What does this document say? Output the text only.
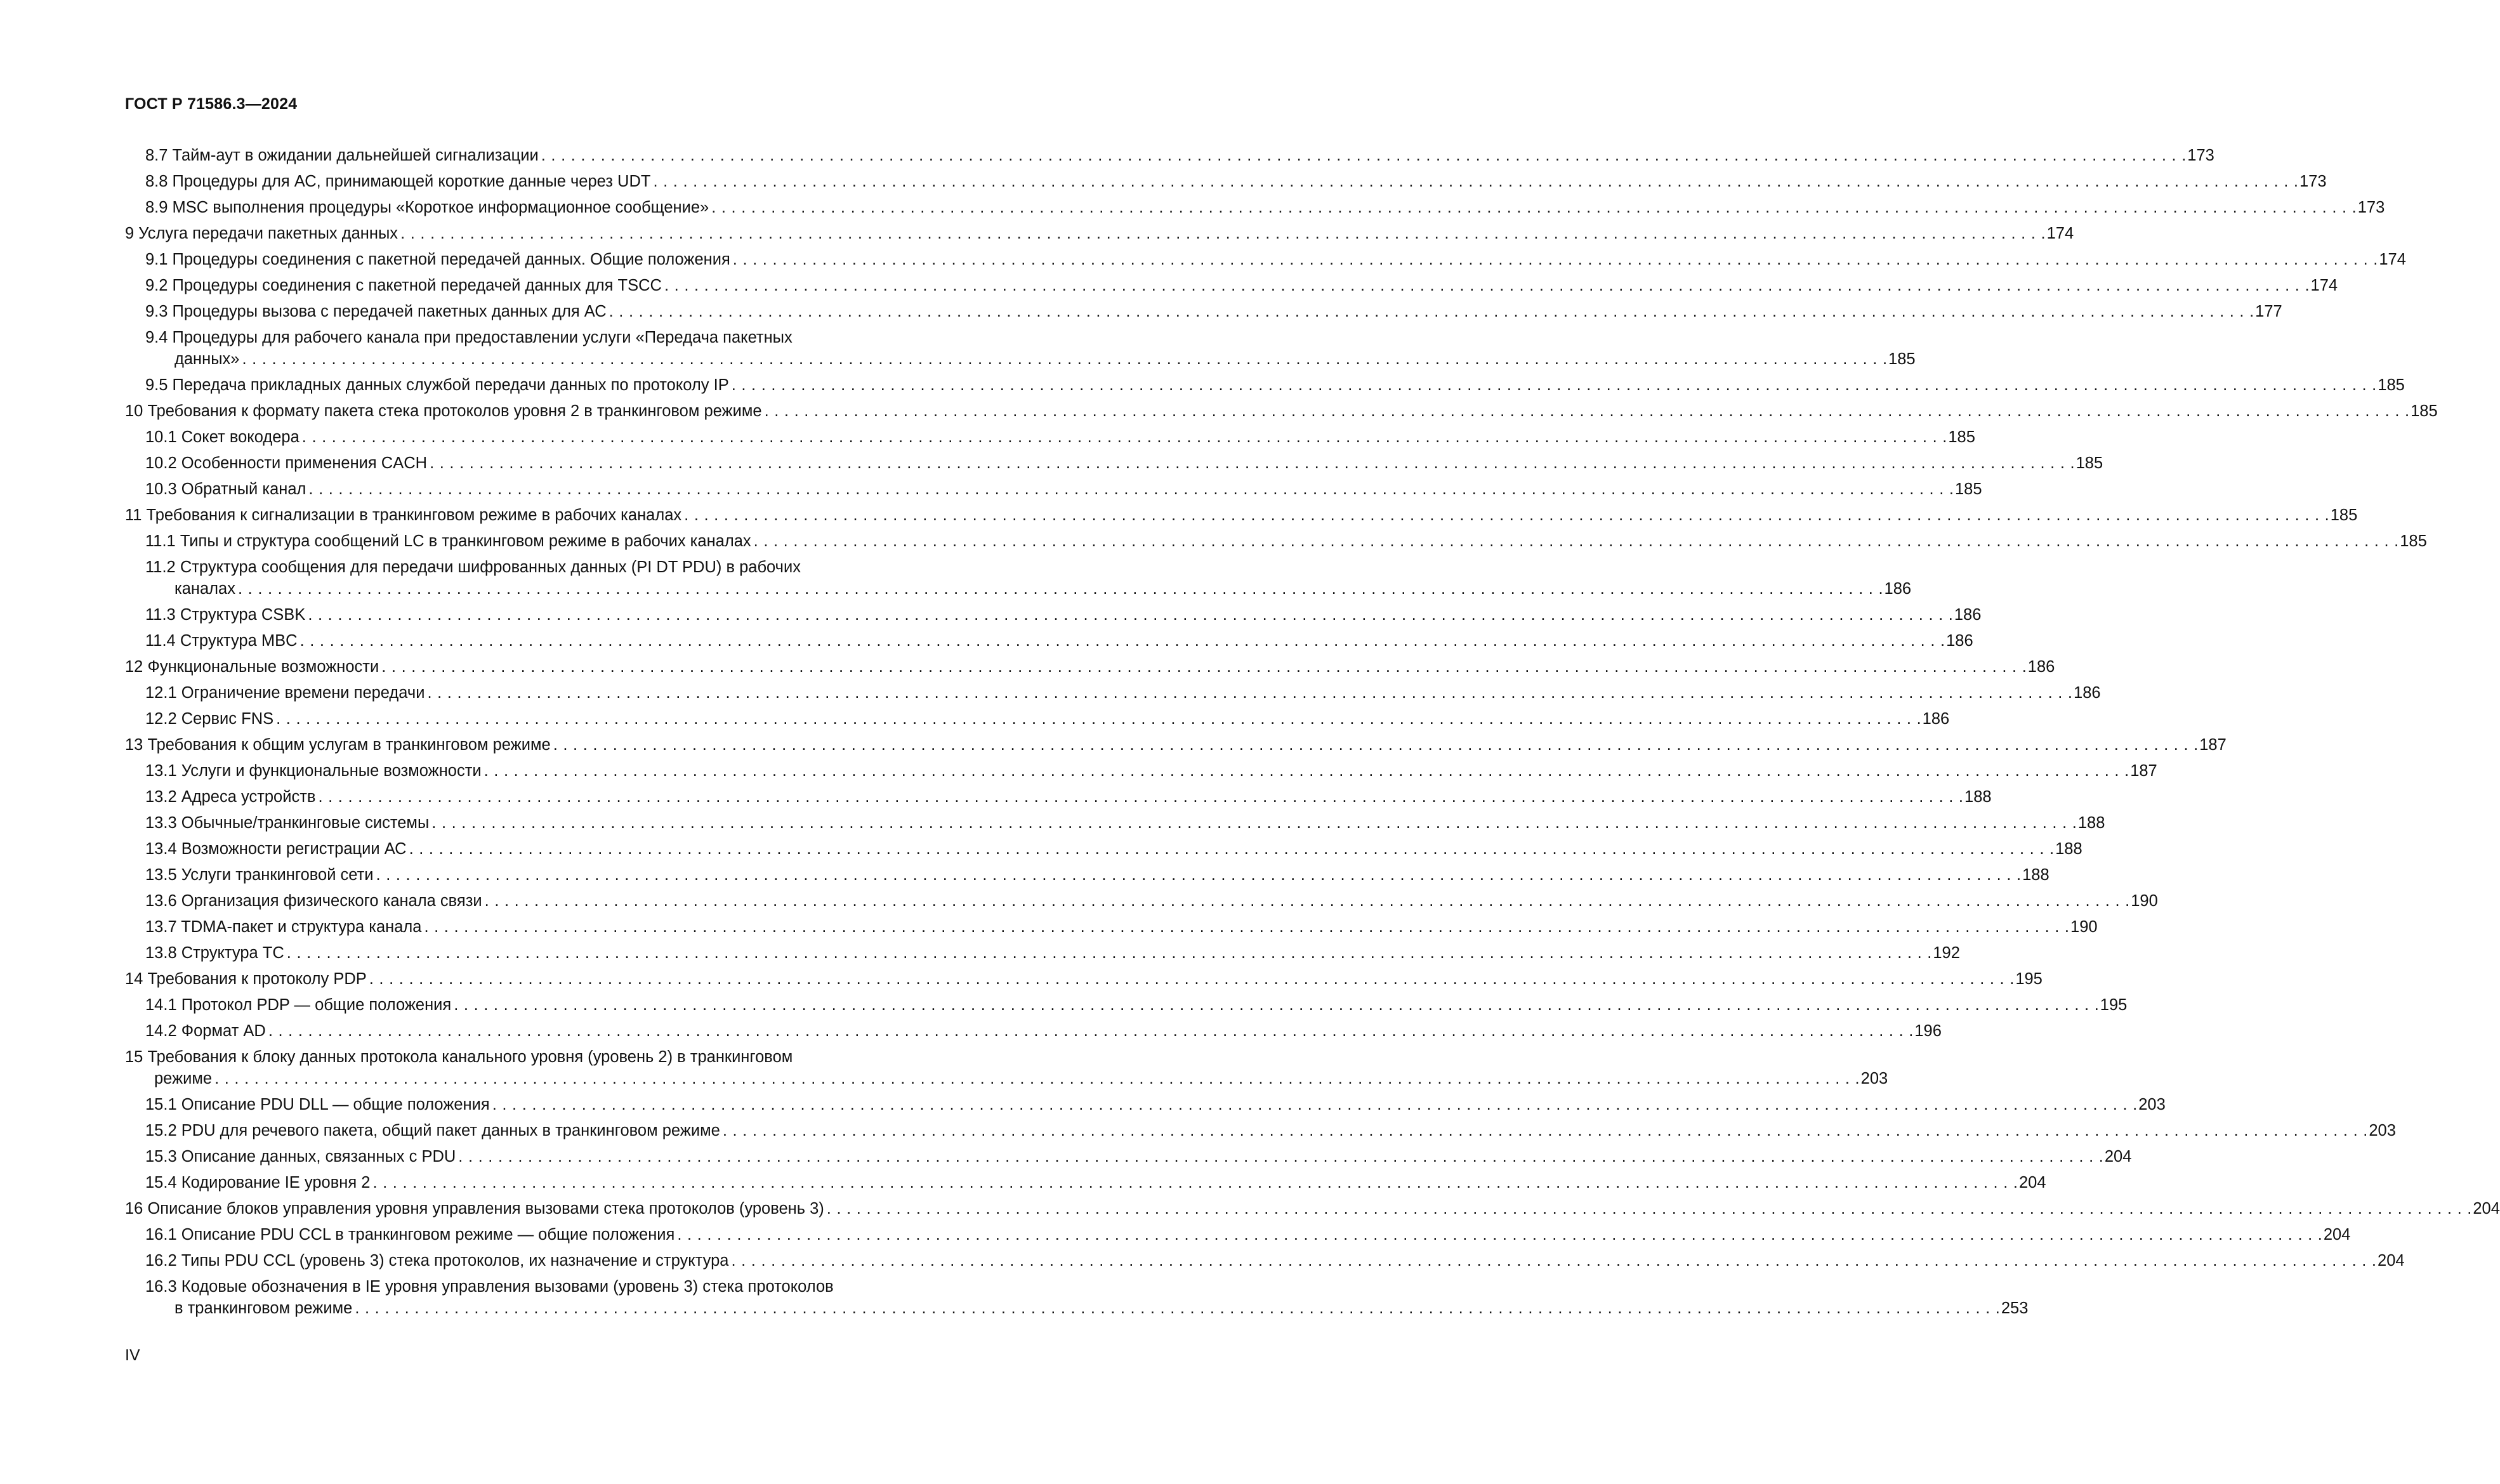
ГОСТ Р 71586.3—2024
8.7 Тайм-аут в ожидании дальнейшей сигнализации . . .	173
8.8 Процедуры для АС, принимающей короткие данные через UDT . . .	173
8.9 MSC выполнения процедуры «Короткое информационное сообщение» . . .	173
9 Услуга передачи пакетных данных . . .	174
9.1 Процедуры соединения с пакетной передачей данных. Общие положения . . .	174
9.2 Процедуры соединения с пакетной передачей данных для TSCC . . .	174
9.3 Процедуры вызова с передачей пакетных данных для АС . . .	177
9.4 Процедуры для рабочего канала при предоставлении услуги «Передача пакетных
данных» . . .	185
9.5 Передача прикладных данных службой передачи данных по протоколу IP . . .	185
10 Требования к формату пакета стека протоколов уровня 2 в транкинговом режиме . . .	185
10.1 Сокет вокодера . . .	185
10.2 Особенности применения CACH . . .	185
10.3 Обратный канал . . .	185
11 Требования к сигнализации в транкинговом режиме в рабочих каналах . . .	185
11.1 Типы и структура сообщений LC в транкинговом режиме в рабочих каналах . . .	185
11.2 Структура сообщения для передачи шифрованных данных (PI DT PDU) в рабочих
каналах . . .	186
11.3 Структура CSBK . . .	186
11.4 Структура MBC . . .	186
12 Функциональные возможности . . .	186
12.1 Ограничение времени передачи . . .	186
12.2 Сервис FNS . . .	186
13 Требования к общим услугам в транкинговом режиме . . .	187
13.1 Услуги и функциональные возможности . . .	187
13.2 Адреса устройств . . .	188
13.3 Обычные/транкинговые системы . . .	188
13.4 Возможности регистрации АС . . .	188
13.5 Услуги транкинговой сети . . .	188
13.6 Организация физического канала связи . . .	190
13.7 TDMA-пакет и структура канала . . .	190
13.8 Структура ТС . . .	192
14 Требования к протоколу PDP . . .	195
14.1 Протокол PDP — общие положения . . .	195
14.2 Формат AD . . .	196
15 Требования к блоку данных протокола канального уровня (уровень 2) в транкинговом
режиме . . .	203
15.1 Описание PDU DLL — общие положения . . .	203
15.2 PDU для речевого пакета, общий пакет данных в транкинговом режиме . . .	203
15.3 Описание данных, связанных с PDU . . .	204
15.4 Кодирование IE уровня 2 . . .	204
16 Описание блоков управления уровня управления вызовами стека протоколов (уровень 3) . . .	204
16.1 Описание PDU CCL в транкинговом режиме — общие положения . . .	204
16.2 Типы PDU CCL (уровень 3) стека протоколов, их назначение и структура . . .	204
16.3 Кодовые обозначения в IE уровня управления вызовами (уровень 3) стека протоколов
в транкинговом режиме . . .	253
IV
